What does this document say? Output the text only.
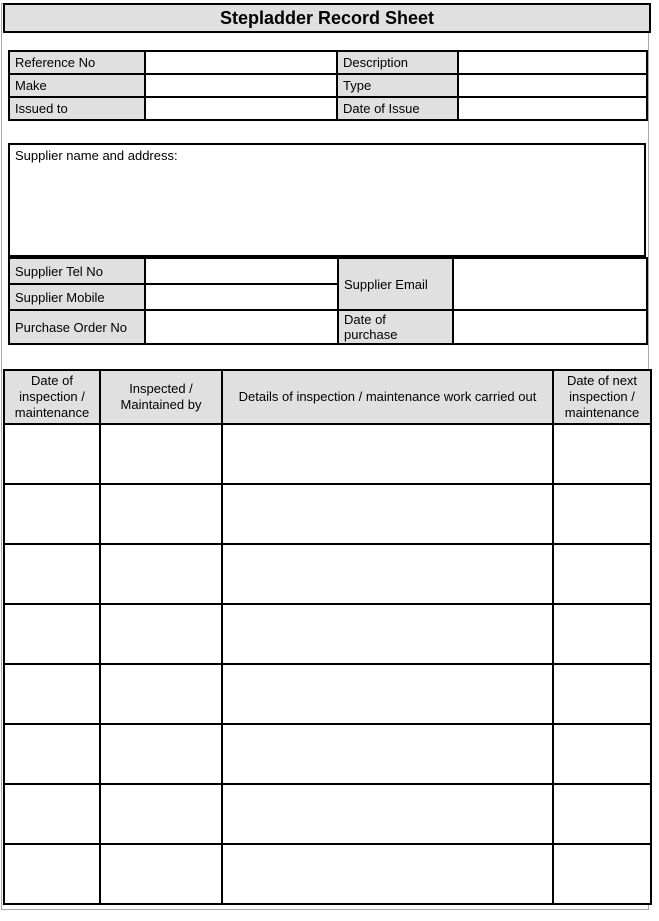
Stepladder Record Sheet
Reference No		Description	
Make		Type	
Issued to		Date of Issue	
Supplier name and address:
Supplier Tel No		Supplier Email	
Supplier Mobile			
Purchase Order No		Date of purchase	

Date of inspection / maintenance	Inspected / Maintained by	Details of inspection / maintenance work carried out	Date of next inspection / maintenance
